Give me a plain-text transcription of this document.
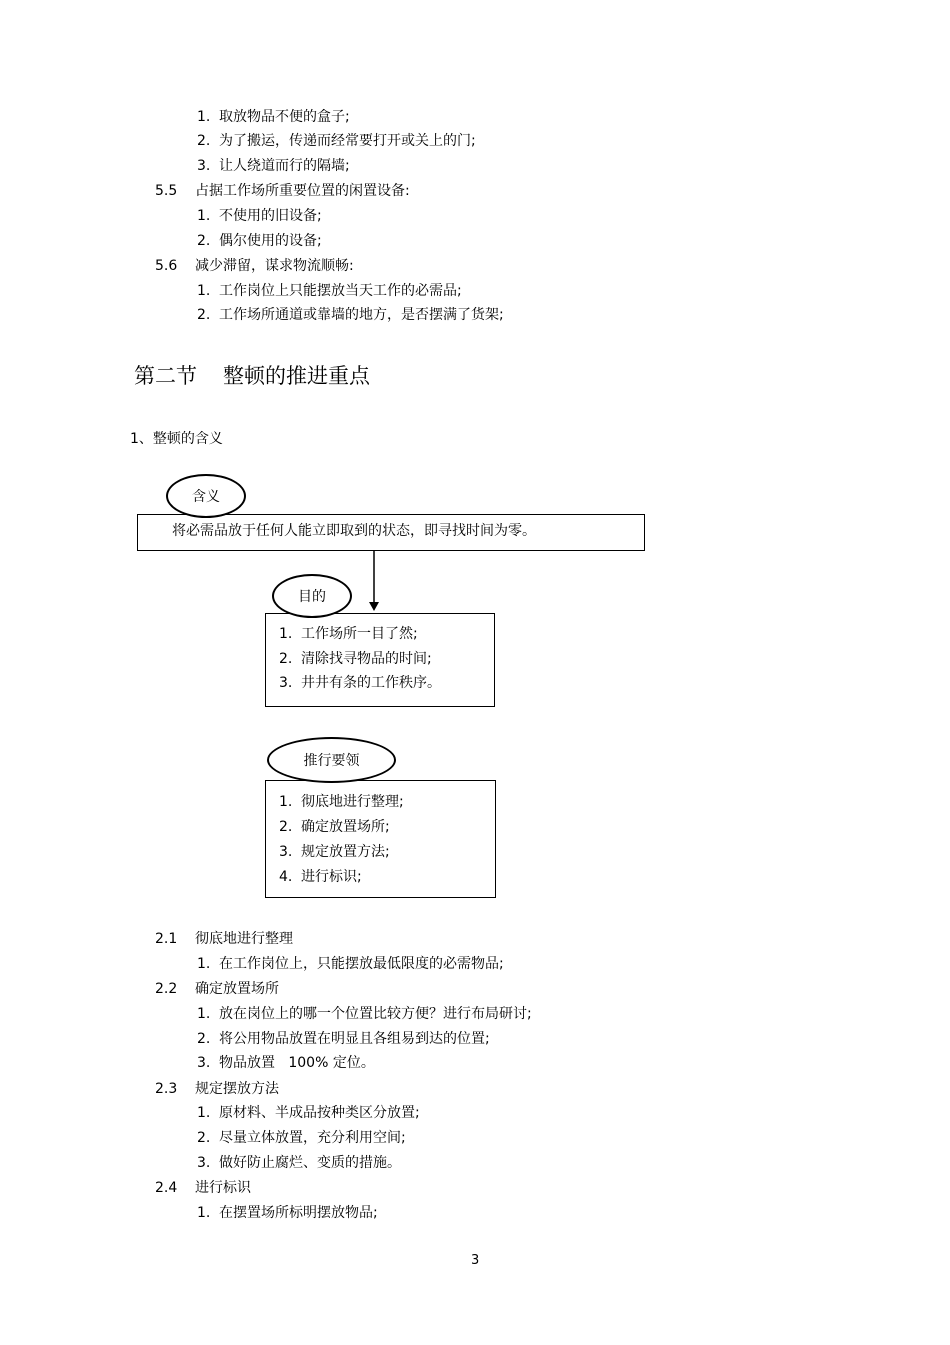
1. 取放物品不便的盒子;
2. 为了搬运，传递而经常要打开或关上的门;
3. 让人绕道而行的隔墙;
5.5 占据工作场所重要位置的闲置设备:
1. 不使用的旧设备;
2. 偶尔使用的设备;
5.6 减少滞留，谋求物流顺畅:
1. 工作岗位上只能摆放当天工作的必需品;
2. 工作场所通道或靠墙的地方，是否摆满了货架;
第二节 整顿的推进重点
1、整顿的含义
将必需品放于任何人能立即取到的状态，即寻找时间为零。
含义
目的
1. 工作场所一目了然;
2. 清除找寻物品的时间;
3. 井井有条的工作秩序。
推行要领
1. 彻底地进行整理;
2. 确定放置场所;
3. 规定放置方法;
4. 进行标识;
2.1 彻底地进行整理
1. 在工作岗位上，只能摆放最低限度的必需物品;
2.2 确定放置场所
1. 放在岗位上的哪一个位置比较方便？进行布局研讨;
2. 将公用物品放置在明显且各组易到达的位置;
3. 物品放置   100% 定位。
2.3 规定摆放方法
1. 原材料、半成品按种类区分放置;
2. 尽量立体放置，充分利用空间;
3. 做好防止腐烂、变质的措施。
2.4 进行标识
1. 在摆置场所标明摆放物品;
3
